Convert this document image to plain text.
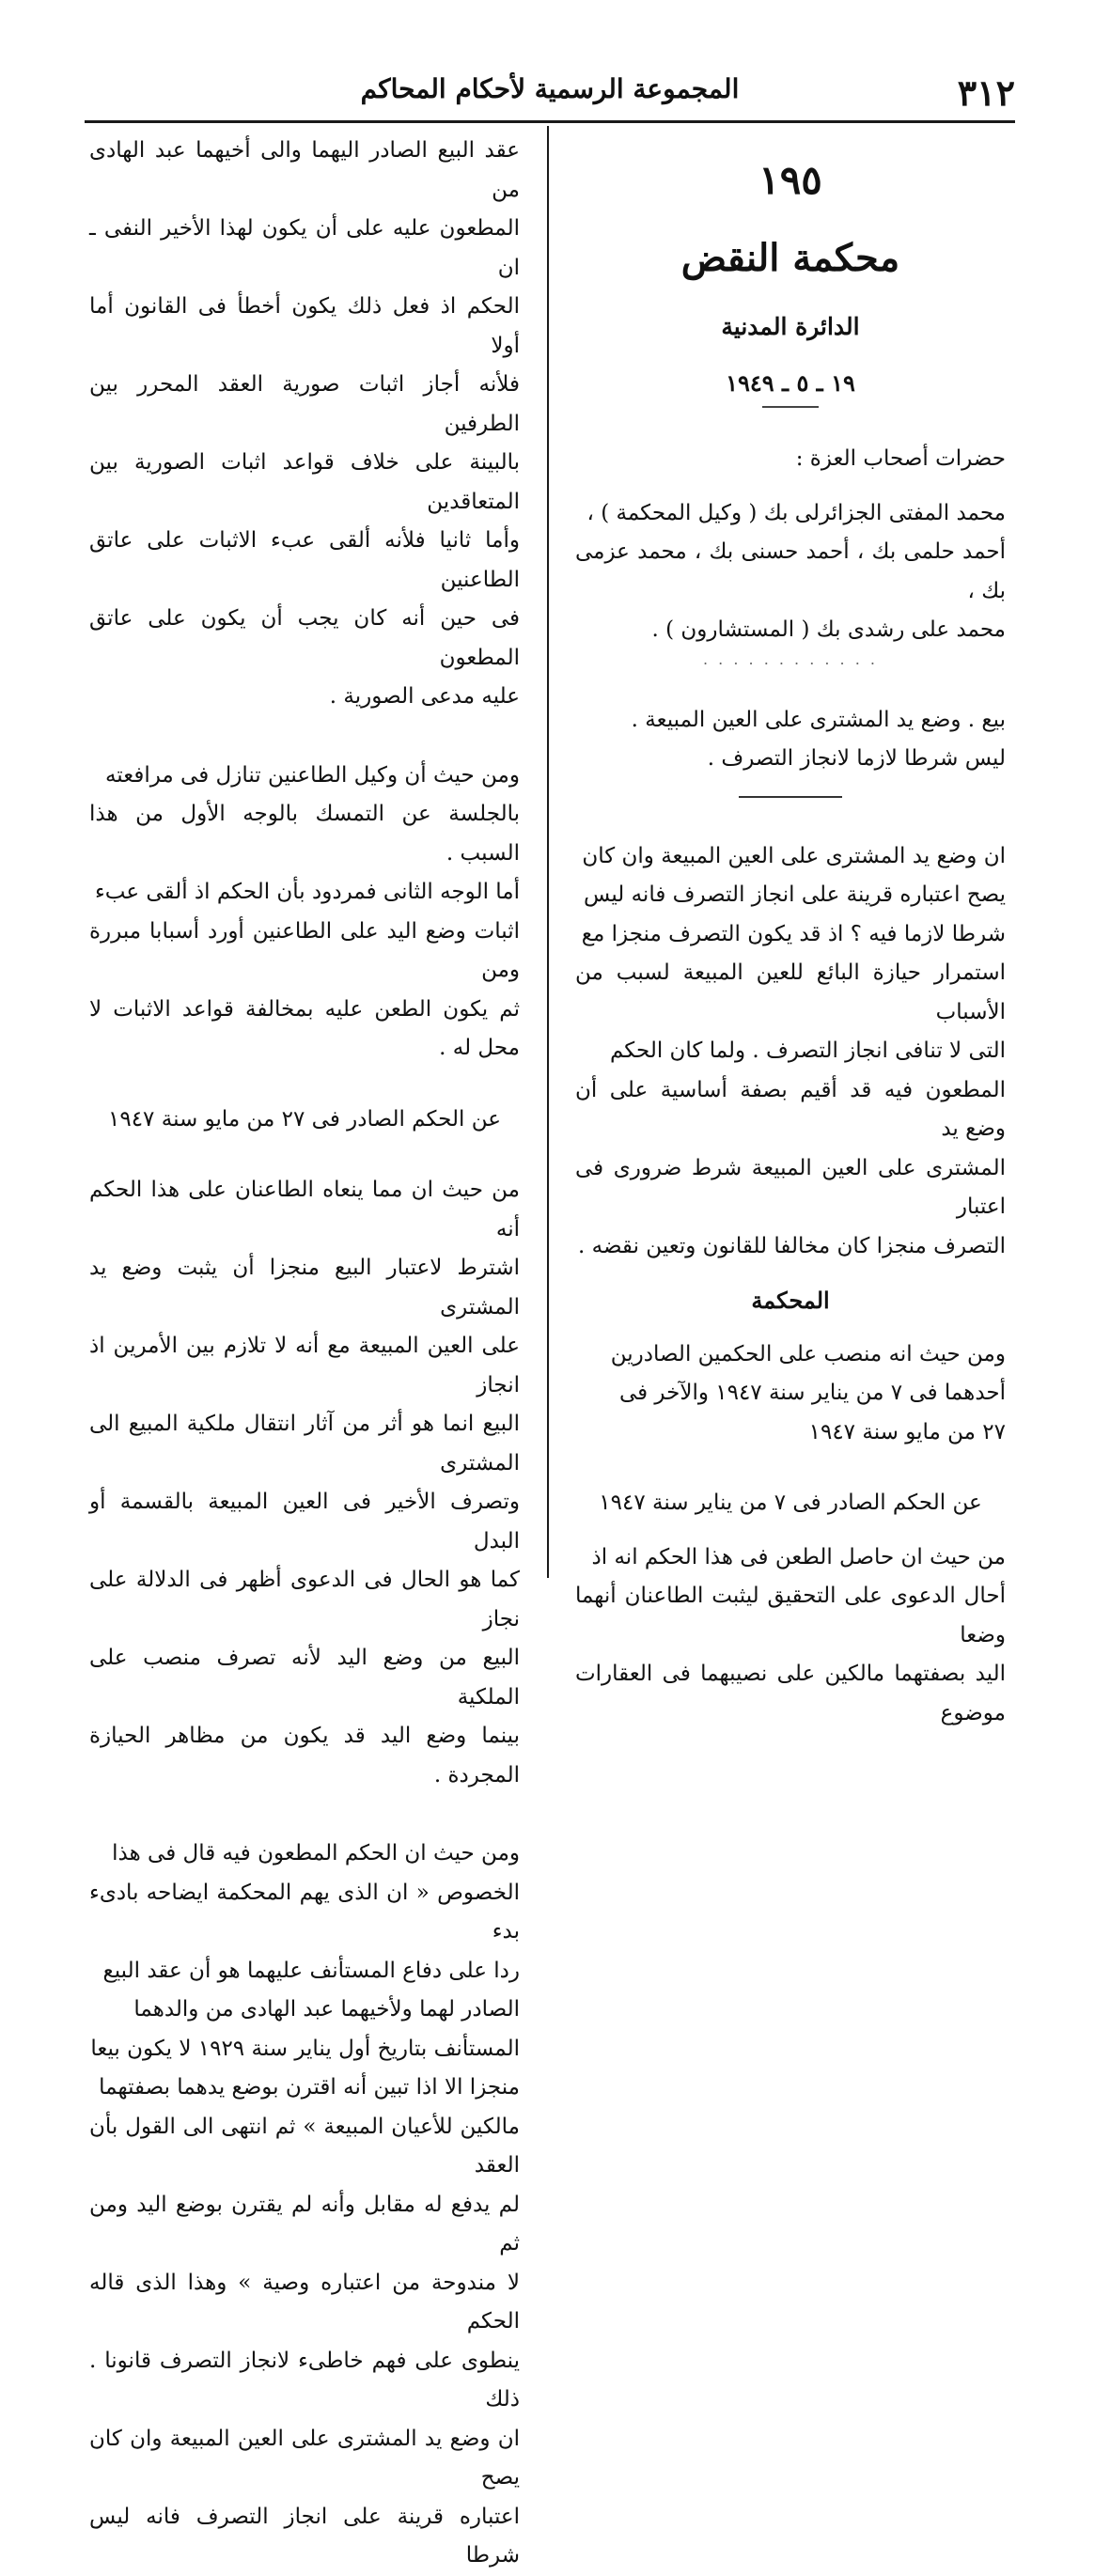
٣١٢
المجموعة الرسمية لأحكام المحاكم
١٩٥
محكمة النقض
الدائرة المدنية
١٩ ـ ٥ ـ ١٩٤٩
حضرات أصحاب العزة :
محمد المفتى الجزائرلى بك ( وكيل المحكمة ) ،
أحمد حلمى بك ، أحمد حسنى بك ، محمد عزمى بك ،
محمد على رشدى بك ( المستشارون ) .
. . . . . . . . . . . .
بيع . وضع يد المشترى على العين المبيعة .
ليس شرطا لازما لانجاز التصرف .
ان وضع يد المشترى على العين المبيعة وان كان
يصح اعتباره قرينة على انجاز التصرف فانه ليس
شرطا لازما فيه ؟ اذ قد يكون التصرف منجزا مع
استمرار حيازة البائع للعين المبيعة لسبب من الأسباب
التى لا تنافى انجاز التصرف . ولما كان الحكم
المطعون فيه قد أقيم بصفة أساسية على أن وضع يد
المشترى على العين المبيعة شرط ضرورى فى اعتبار
التصرف منجزا كان مخالفا للقانون وتعين نقضه .
المحكمة
ومن حيث انه منصب على الحكمين الصادرين
أحدهما فى ٧ من يناير سنة ١٩٤٧ والآخر فى
٢٧ من مايو سنة ١٩٤٧
عن الحكم الصادر فى ٧ من يناير سنة ١٩٤٧
من حيث ان حاصل الطعن فى هذا الحكم انه اذ
أحال الدعوى على التحقيق ليثبت الطاعنان أنهما وضعا
اليد بصفتهما مالكين على نصيبهما فى العقارات موضوع
عقد البيع الصادر اليهما والى أخيهما عبد الهادى من
المطعون عليه على أن يكون لهذا الأخير النفى ـ ان
الحكم اذ فعل ذلك يكون أخطأ فى القانون أما أولا
فلأنه أجاز اثبات صورية العقد المحرر بين الطرفين
بالبينة على خلاف قواعد اثبات الصورية بين المتعاقدين
وأما ثانيا فلأنه ألقى عبء الاثبات على عاتق الطاعنين
فى حين أنه كان يجب أن يكون على عاتق المطعون
عليه مدعى الصورية .
ومن حيث أن وكيل الطاعنين تنازل فى مرافعته
بالجلسة عن التمسك بالوجه الأول من هذا السبب .
أما الوجه الثانى فمردود بأن الحكم اذ ألقى عبء
اثبات وضع اليد على الطاعنين أورد أسبابا مبررة ومن
ثم يكون الطعن عليه بمخالفة قواعد الاثبات لا محل له .
عن الحكم الصادر فى ٢٧ من مايو سنة ١٩٤٧
من حيث ان مما ينعاه الطاعنان على هذا الحكم أنه
اشترط لاعتبار البيع منجزا أن يثبت وضع يد المشترى
على العين المبيعة مع أنه لا تلازم بين الأمرين اذ انجاز
البيع انما هو أثر من آثار انتقال ملكية المبيع الى المشترى
وتصرف الأخير فى العين المبيعة بالقسمة أو البدل
كما هو الحال فى الدعوى أظهر فى الدلالة على نجاز
البيع من وضع اليد لأنه تصرف منصب على الملكية
بينما وضع اليد قد يكون من مظاهر الحيازة المجردة .
ومن حيث ان الحكم المطعون فيه قال فى هذا
الخصوص « ان الذى يهم المحكمة ايضاحه بادىء بدء
ردا على دفاع المستأنف عليهما هو أن عقد البيع
الصادر لهما ولأخيهما عبد الهادى من والدهما
المستأنف بتاريخ أول يناير سنة ١٩٢٩ لا يكون بيعا
منجزا الا اذا تبين أنه اقترن بوضع يدهما بصفتهما
مالكين للأعيان المبيعة » ثم انتهى الى القول بأن العقد
لم يدفع له مقابل وأنه لم يقترن بوضع اليد ومن ثم
لا مندوحة من اعتباره وصية » وهذا الذى قاله الحكم
ينطوى على فهم خاطىء لانجاز التصرف قانونا . ذلك
ان وضع يد المشترى على العين المبيعة وان كان يصح
اعتباره قرينة على انجاز التصرف فانه ليس شرطا
